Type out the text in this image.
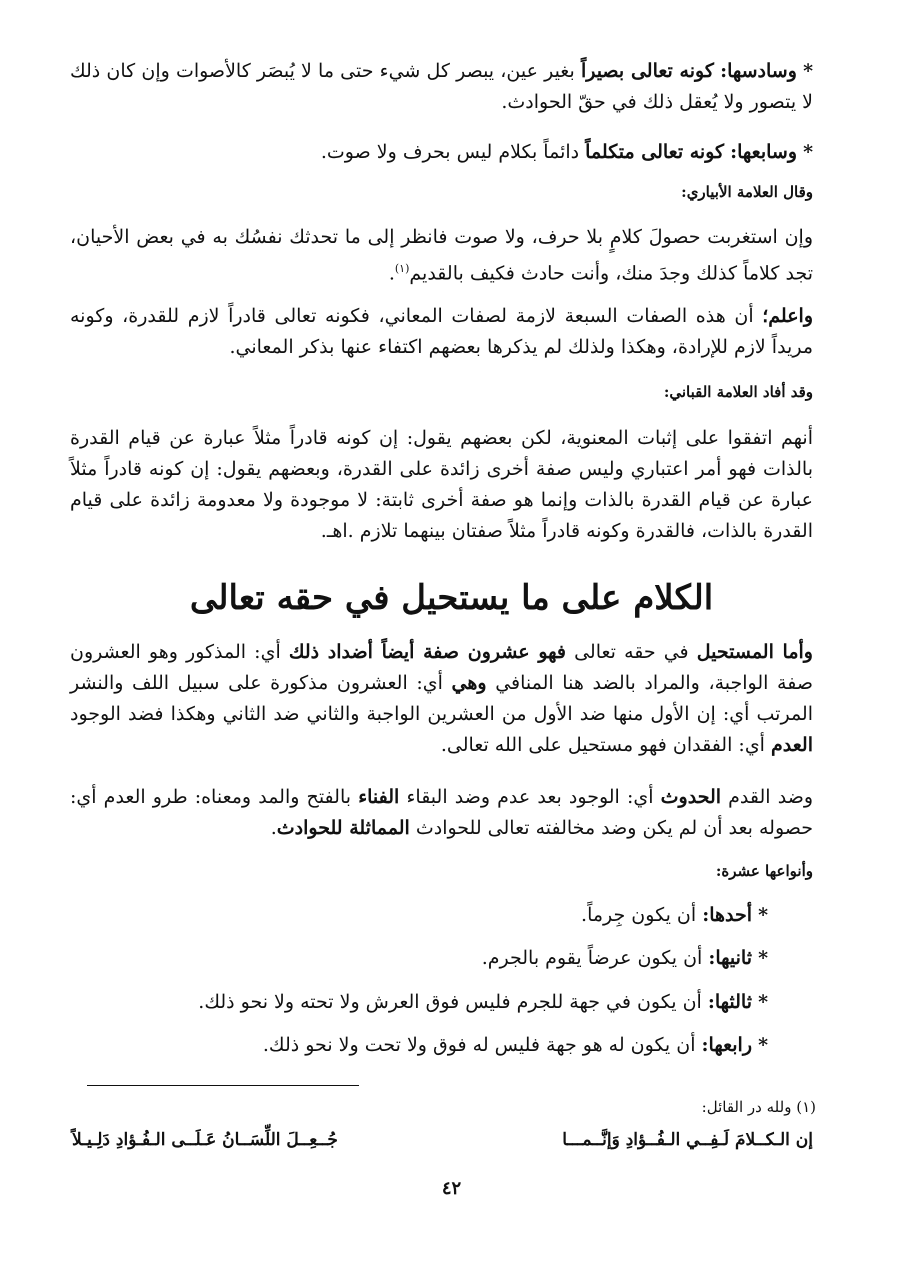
* وسادسها: كونه تعالى بصيراً بغير عين، يبصر كل شيء حتى ما لا يُبصَر كالأصوات وإن كان ذلك لا يتصور ولا يُعقل ذلك في حقّ الحوادث.
* وسابعها: كونه تعالى متكلماً دائماً بكلام ليس بحرف ولا صوت.
وقال العلامة الأبياري:
وإن استغربت حصولَ كلامٍ بلا حرف، ولا صوت فانظر إلى ما تحدثك نفسُك به في بعض الأحيان، تجد كلاماً كذلك وجدَ منك، وأنت حادث فكيف بالقديم$^{(١)}$.
واعلم؛ أن هذه الصفات السبعة لازمة لصفات المعاني، فكونه تعالى قادراً لازم للقدرة، وكونه مريداً لازم للإرادة، وهكذا ولذلك لم يذكرها بعضهم اكتفاء عنها بذكر المعاني.
وقد أفاد العلامة القباني:
أنهم اتفقوا على إثبات المعنوية، لكن بعضهم يقول: إن كونه قادراً مثلاً عبارة عن قيام القدرة بالذات فهو أمر اعتباري وليس صفة أخرى زائدة على القدرة، وبعضهم يقول: إن كونه قادراً مثلاً عبارة عن قيام القدرة بالذات وإنما هو صفة أخرى ثابتة: لا موجودة ولا معدومة زائدة على قيام القدرة بالذات، فالقدرة وكونه قادراً مثلاً صفتان بينهما تلازم .اهـ.
الكلام على ما يستحيل في حقه تعالى
وأما المستحيل في حقه تعالى فهو عشرون صفة أيضاً أضداد ذلك أي: المذكور وهو العشرون صفة الواجبة، والمراد بالضد هنا المنافي وهي أي: العشرون مذكورة على سبيل اللف والنشر المرتب أي: إن الأول منها ضد الأول من العشرين الواجبة والثاني ضد الثاني وهكذا فضد الوجود العدم أي: الفقدان فهو مستحيل على الله تعالى.
وضد القدم الحدوث أي: الوجود بعد عدم وضد البقاء الفناء بالفتح والمد ومعناه: طرو العدم أي: حصوله بعد أن لم يكن وضد مخالفته تعالى للحوادث المماثلة للحوادث.
وأنواعها عشرة:
* أحدها: أن يكون جِرماً.
* ثانيها: أن يكون عرضاً يقوم بالجرم.
* ثالثها: أن يكون في جهة للجرم فليس فوق العرش ولا تحته ولا نحو ذلك.
* رابعها: أن يكون له هو جهة فليس له فوق ولا تحت ولا نحو ذلك.
(١) ولله در القائل:
إن الـكــلامَ لَـفِــي الـفُــؤادِ وَإنَّــمـــا
جُــعِــلَ اللِّسَــانُ عَـلَــى الـفُـؤادِ دَلِـيـلاً
٤٢
